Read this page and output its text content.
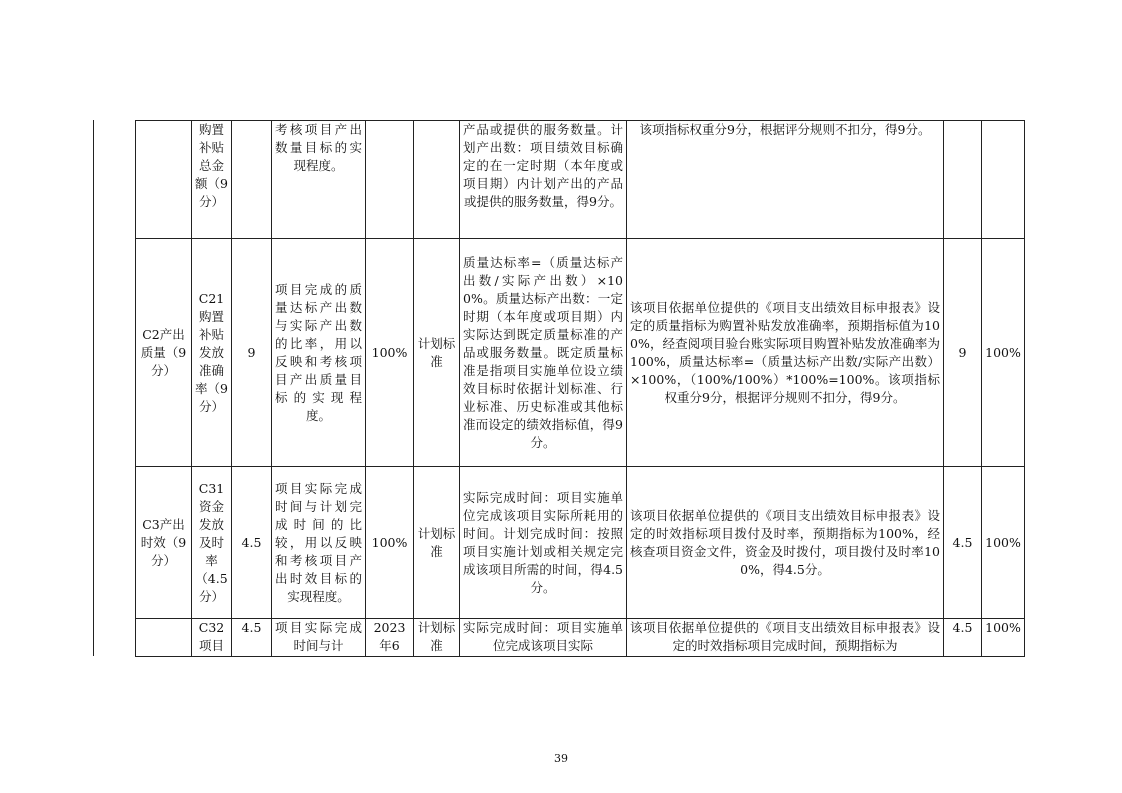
	购置补贴总金额（9分）		考核项目产出数量目标的实现程度。			产品或提供的服务数量。计划产出数：项目绩效目标确定的在一定时期（本年度或项目期）内计划产出的产品或提供的服务数量，得9分。	该项指标权重分9分，根据评分规则不扣分，得9分。		
C2产出质量（9分）	C21购置补贴发放准确率（9分）	9	项目完成的质量达标产出数与实际产出数的比率，用以反映和考核项目产出质量目标的实现程度。	100%	计划标准	质量达标率=（质量达标产出数/实际产出数）×100%。质量达标产出数：一定时期（本年度或项目期）内实际达到既定质量标准的产品或服务数量。既定质量标准是指项目实施单位设立绩效目标时依据计划标准、行业标准、历史标准或其他标准而设定的绩效指标值，得9分。	该项目依据单位提供的《项目支出绩效目标申报表》设定的质量指标为购置补贴发放准确率，预期指标值为100%，经查阅项目验台账实际项目购置补贴发放准确率为100%，质量达标率=（质量达标产出数/实际产出数）×100%，（100%/100%）*100%=100%。该项指标权重分9分，根据评分规则不扣分，得9分。	9	100%
C3产出时效（9分）	C31资金发放及时率（4.5分）	4.5	项目实际完成时间与计划完成时间的比较，用以反映和考核项目产出时效目标的实现程度。	100%	计划标准	实际完成时间：项目实施单位完成该项目实际所耗用的时间。计划完成时间：按照项目实施计划或相关规定完成该项目所需的时间，得4.5分。	该项目依据单位提供的《项目支出绩效目标申报表》设定的时效指标项目拨付及时率，预期指标为100%，经核查项目资金文件，资金及时拨付，项目拨付及时率100%，得4.5分。	4.5	100%
	C32项目	4.5	项目实际完成时间与计	2023年6	计划标准	实际完成时间：项目实施单位完成该项目实际	该项目依据单位提供的《项目支出绩效目标申报表》设定的时效指标项目完成时间，预期指标为	4.5	100%
39
